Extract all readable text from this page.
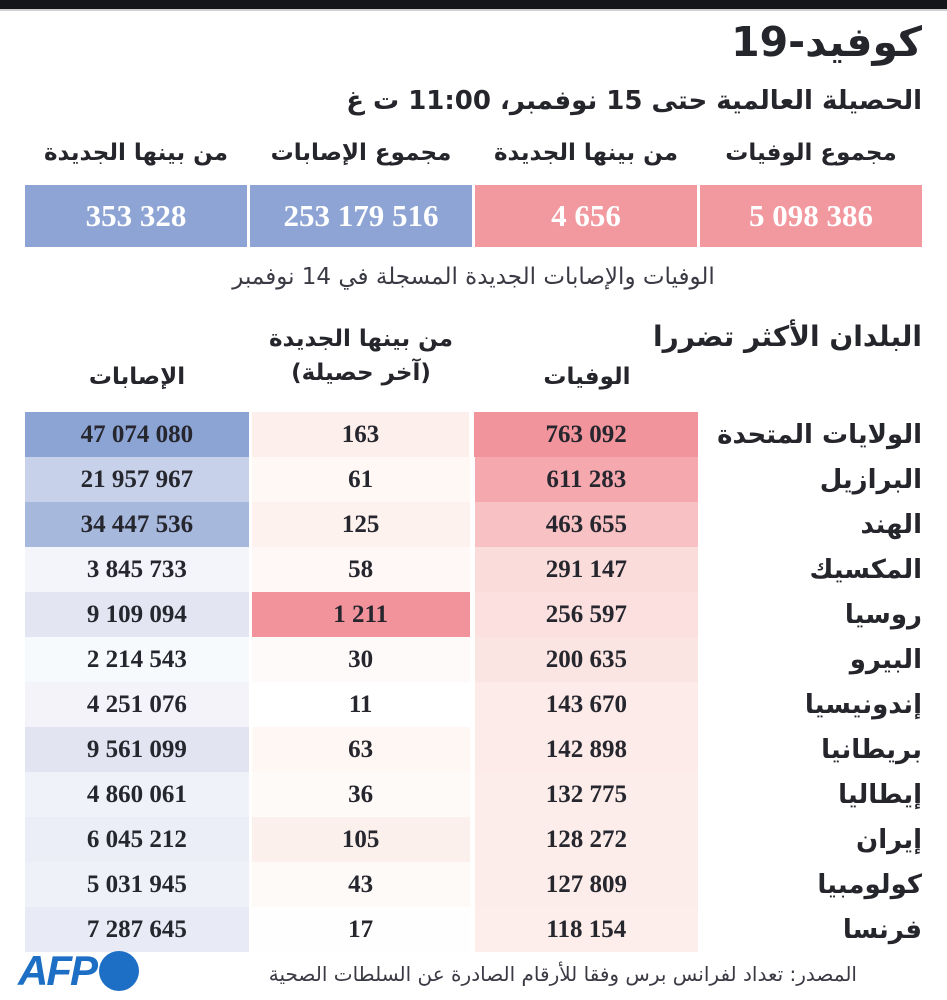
كوفيد-19
الحصيلة العالمية حتى 15 نوفمبر، 11:00 ت غ
مجموع الوفيات
من بينها الجديدة
مجموع الإصابات
من بينها الجديدة
5 098 386
4 656
253 179 516
353 328
الوفيات والإصابات الجديدة المسجلة في 14 نوفمبر
البلدان الأكثر تضررا
من بينها الجديدة
(آخر حصيلة)	الوفيات
الإصابات
الولايات المتحدة
763 092
163
47 074 080
البرازيل
611 283
61
21 957 967
الهند
463 655
125
34 447 536
المكسيك
291 147
58
3 845 733
روسيا
256 597
1 211
9 109 094
البيرو
200 635
30
2 214 543
إندونيسيا
143 670
11
4 251 076
بريطانيا
142 898
63
9 561 099
إيطاليا
132 775
36
4 860 061
إيران
128 272
105
6 045 212
كولومبيا
127 809
43
5 031 945
فرنسا
118 154
17
7 287 645
المصدر: تعداد لفرانس برس وفقا للأرقام الصادرة عن السلطات الصحية
AFP
